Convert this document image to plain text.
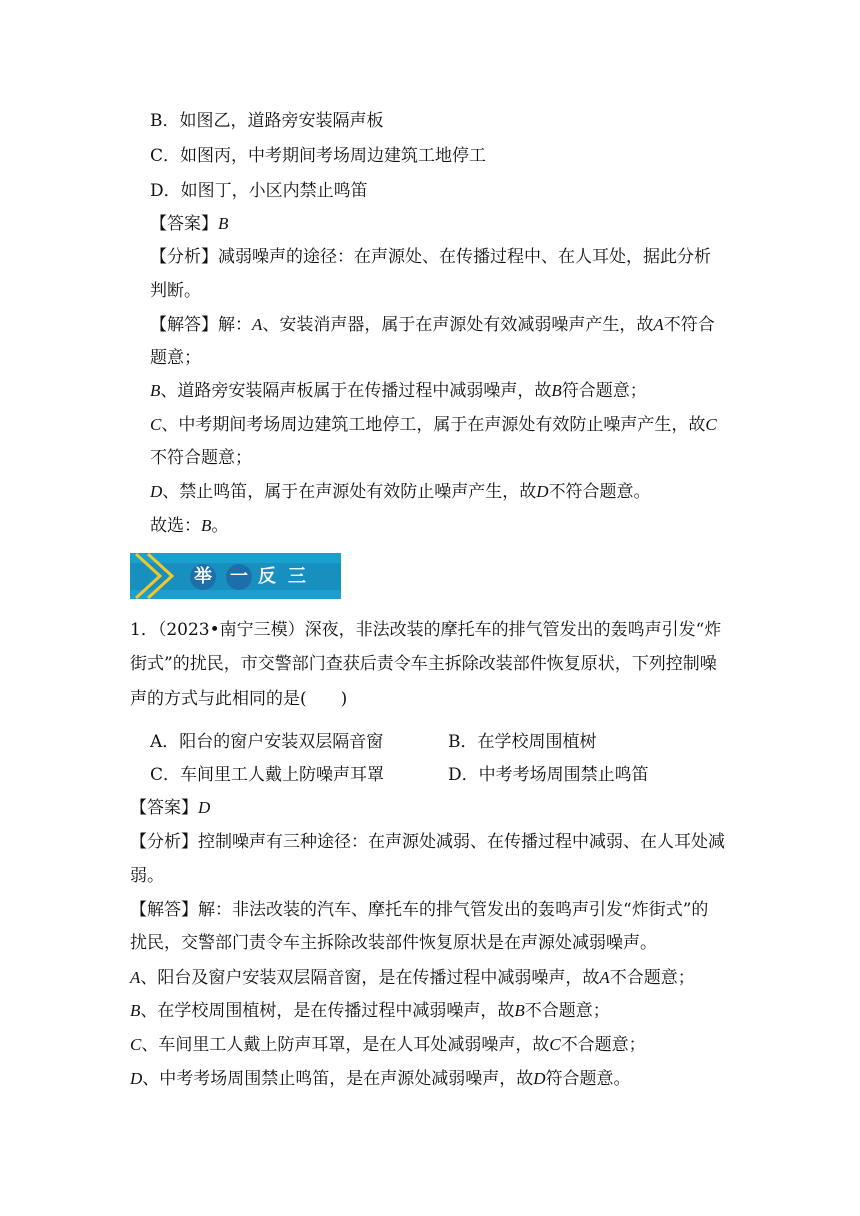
B．如图乙，道路旁安装隔声板
C．如图丙，中考期间考场周边建筑工地停工
D．如图丁，小区内禁止鸣笛
【答案】B
【分析】减弱噪声的途径：在声源处、在传播过程中、在人耳处，据此分析
判断。
【解答】解：A、安装消声器，属于在声源处有效减弱噪声产生，故A不符合
题意；
B、道路旁安装隔声板属于在传播过程中减弱噪声，故B符合题意；
C、中考期间考场周边建筑工地停工，属于在声源处有效防止噪声产生，故C
不符合题意；
D、禁止鸣笛，属于在声源处有效防止噪声产生，故D不符合题意。
故选：B。
举 一 反 三
1．（2023•南宁三模）深夜，非法改装的摩托车的排气管发出的轰鸣声引发“炸
街式”的扰民，市交警部门查获后责令车主拆除改装部件恢复原状，下列控制噪
声的方式与此相同的是(　　)
A．阳台的窗户安装双层隔音窗	B．在学校周围植树
C．车间里工人戴上防噪声耳罩	D．中考考场周围禁止鸣笛
【答案】D
【分析】控制噪声有三种途径：在声源处减弱、在传播过程中减弱、在人耳处减
弱。
【解答】解：非法改装的汽车、摩托车的排气管发出的轰鸣声引发“炸街式”的
扰民，交警部门责令车主拆除改装部件恢复原状是在声源处减弱噪声。
A、阳台及窗户安装双层隔音窗，是在传播过程中减弱噪声，故A不合题意；
B、在学校周围植树，是在传播过程中减弱噪声，故B不合题意；
C、车间里工人戴上防声耳罩，是在人耳处减弱噪声，故C不合题意；
D、中考考场周围禁止鸣笛，是在声源处减弱噪声，故D符合题意。
